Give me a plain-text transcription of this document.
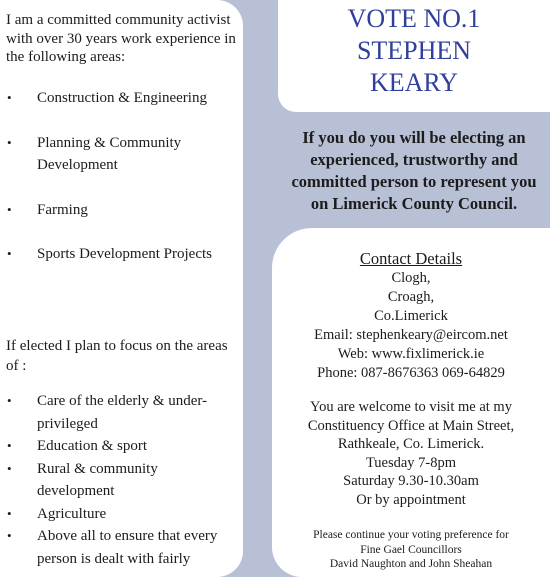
I am a committed community activist with over 30 years work experience in the following areas:

• Construction & Engineering
• Planning & Community Development
• Farming
• Sports Development Projects

If elected I plan to focus on the areas of :

• Care of the elderly & under-privileged
• Education & sport
• Rural & community development
• Agriculture
• Above all to ensure that every person is dealt with fairly
VOTE NO.1
STEPHEN
KEARY

If you do you will be electing an experienced, trustworthy and committed person to represent you on Limerick County Council.

Contact Details
Clogh,
Croagh,
Co.Limerick
Email: stephenkeary@eircom.net
Web: www.fixlimerick.ie
Phone: 087-8676363 069-64829
You are welcome to visit me at my
Constituency Office at Main Street,
Rathkeale, Co. Limerick.
Tuesday 7-8pm
Saturday 9.30-10.30am
Or by appointment
Please continue your voting preference for
Fine Gael Councillors
David Naughton and John Sheahan
